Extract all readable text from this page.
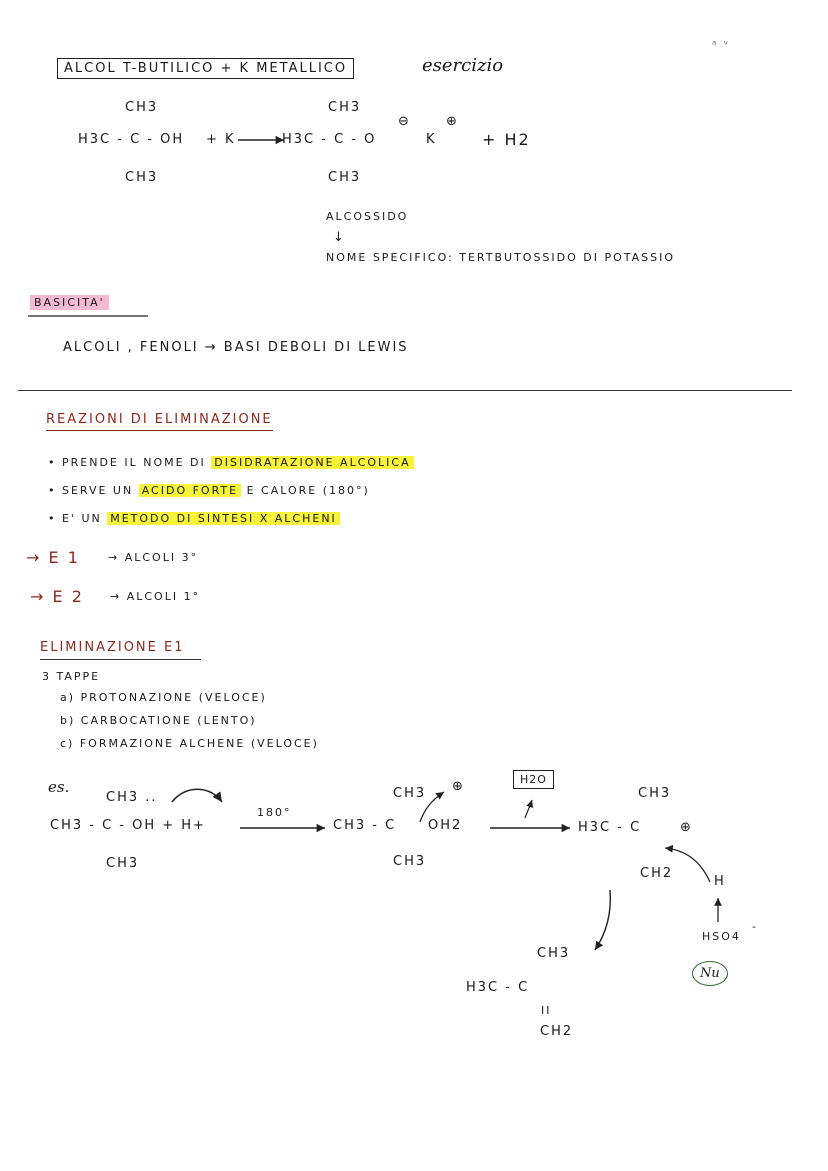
ALCOL T-BUTILICO + K METALLICO	esercizio
ᵃ ᵛ
CH3
H3C - C - OH
CH3
+ K
CH3
H3C - C - O
CH3
⊖
K
⊕
+ H2
ALCOSSIDO
↓
NOME SPECIFICO: TERTBUTOSSIDO DI POTASSIO
BASICITA'
ALCOLI , FENOLI → BASI DEBOLI DI LEWIS
REAZIONI DI ELIMINAZIONE
• PRENDE IL NOME DI DISIDRATAZIONE ALCOLICA
• SERVE UN ACIDO FORTE E CALORE (180°)
• E' UN METODO DI SINTESI X ALCHENI
→ E 1	→ ALCOLI 3°
→ E 2 → ALCOLI 1°
ELIMINAZIONE E1
3 TAPPE
a) PROTONAZIONE (VELOCE)
b) CARBOCATIONE (LENTO)
c) FORMAZIONE ALCHENE (VELOCE)
es.
CH3 ..
CH3 - C - OH + H+
CH3
180°
CH3
CH3 - C OH2
CH3
⊕	H2O
CH3
H3C - C	⊕
CH2
H
HSO4
-
Nu
CH3
H3C - C
II
CH2
